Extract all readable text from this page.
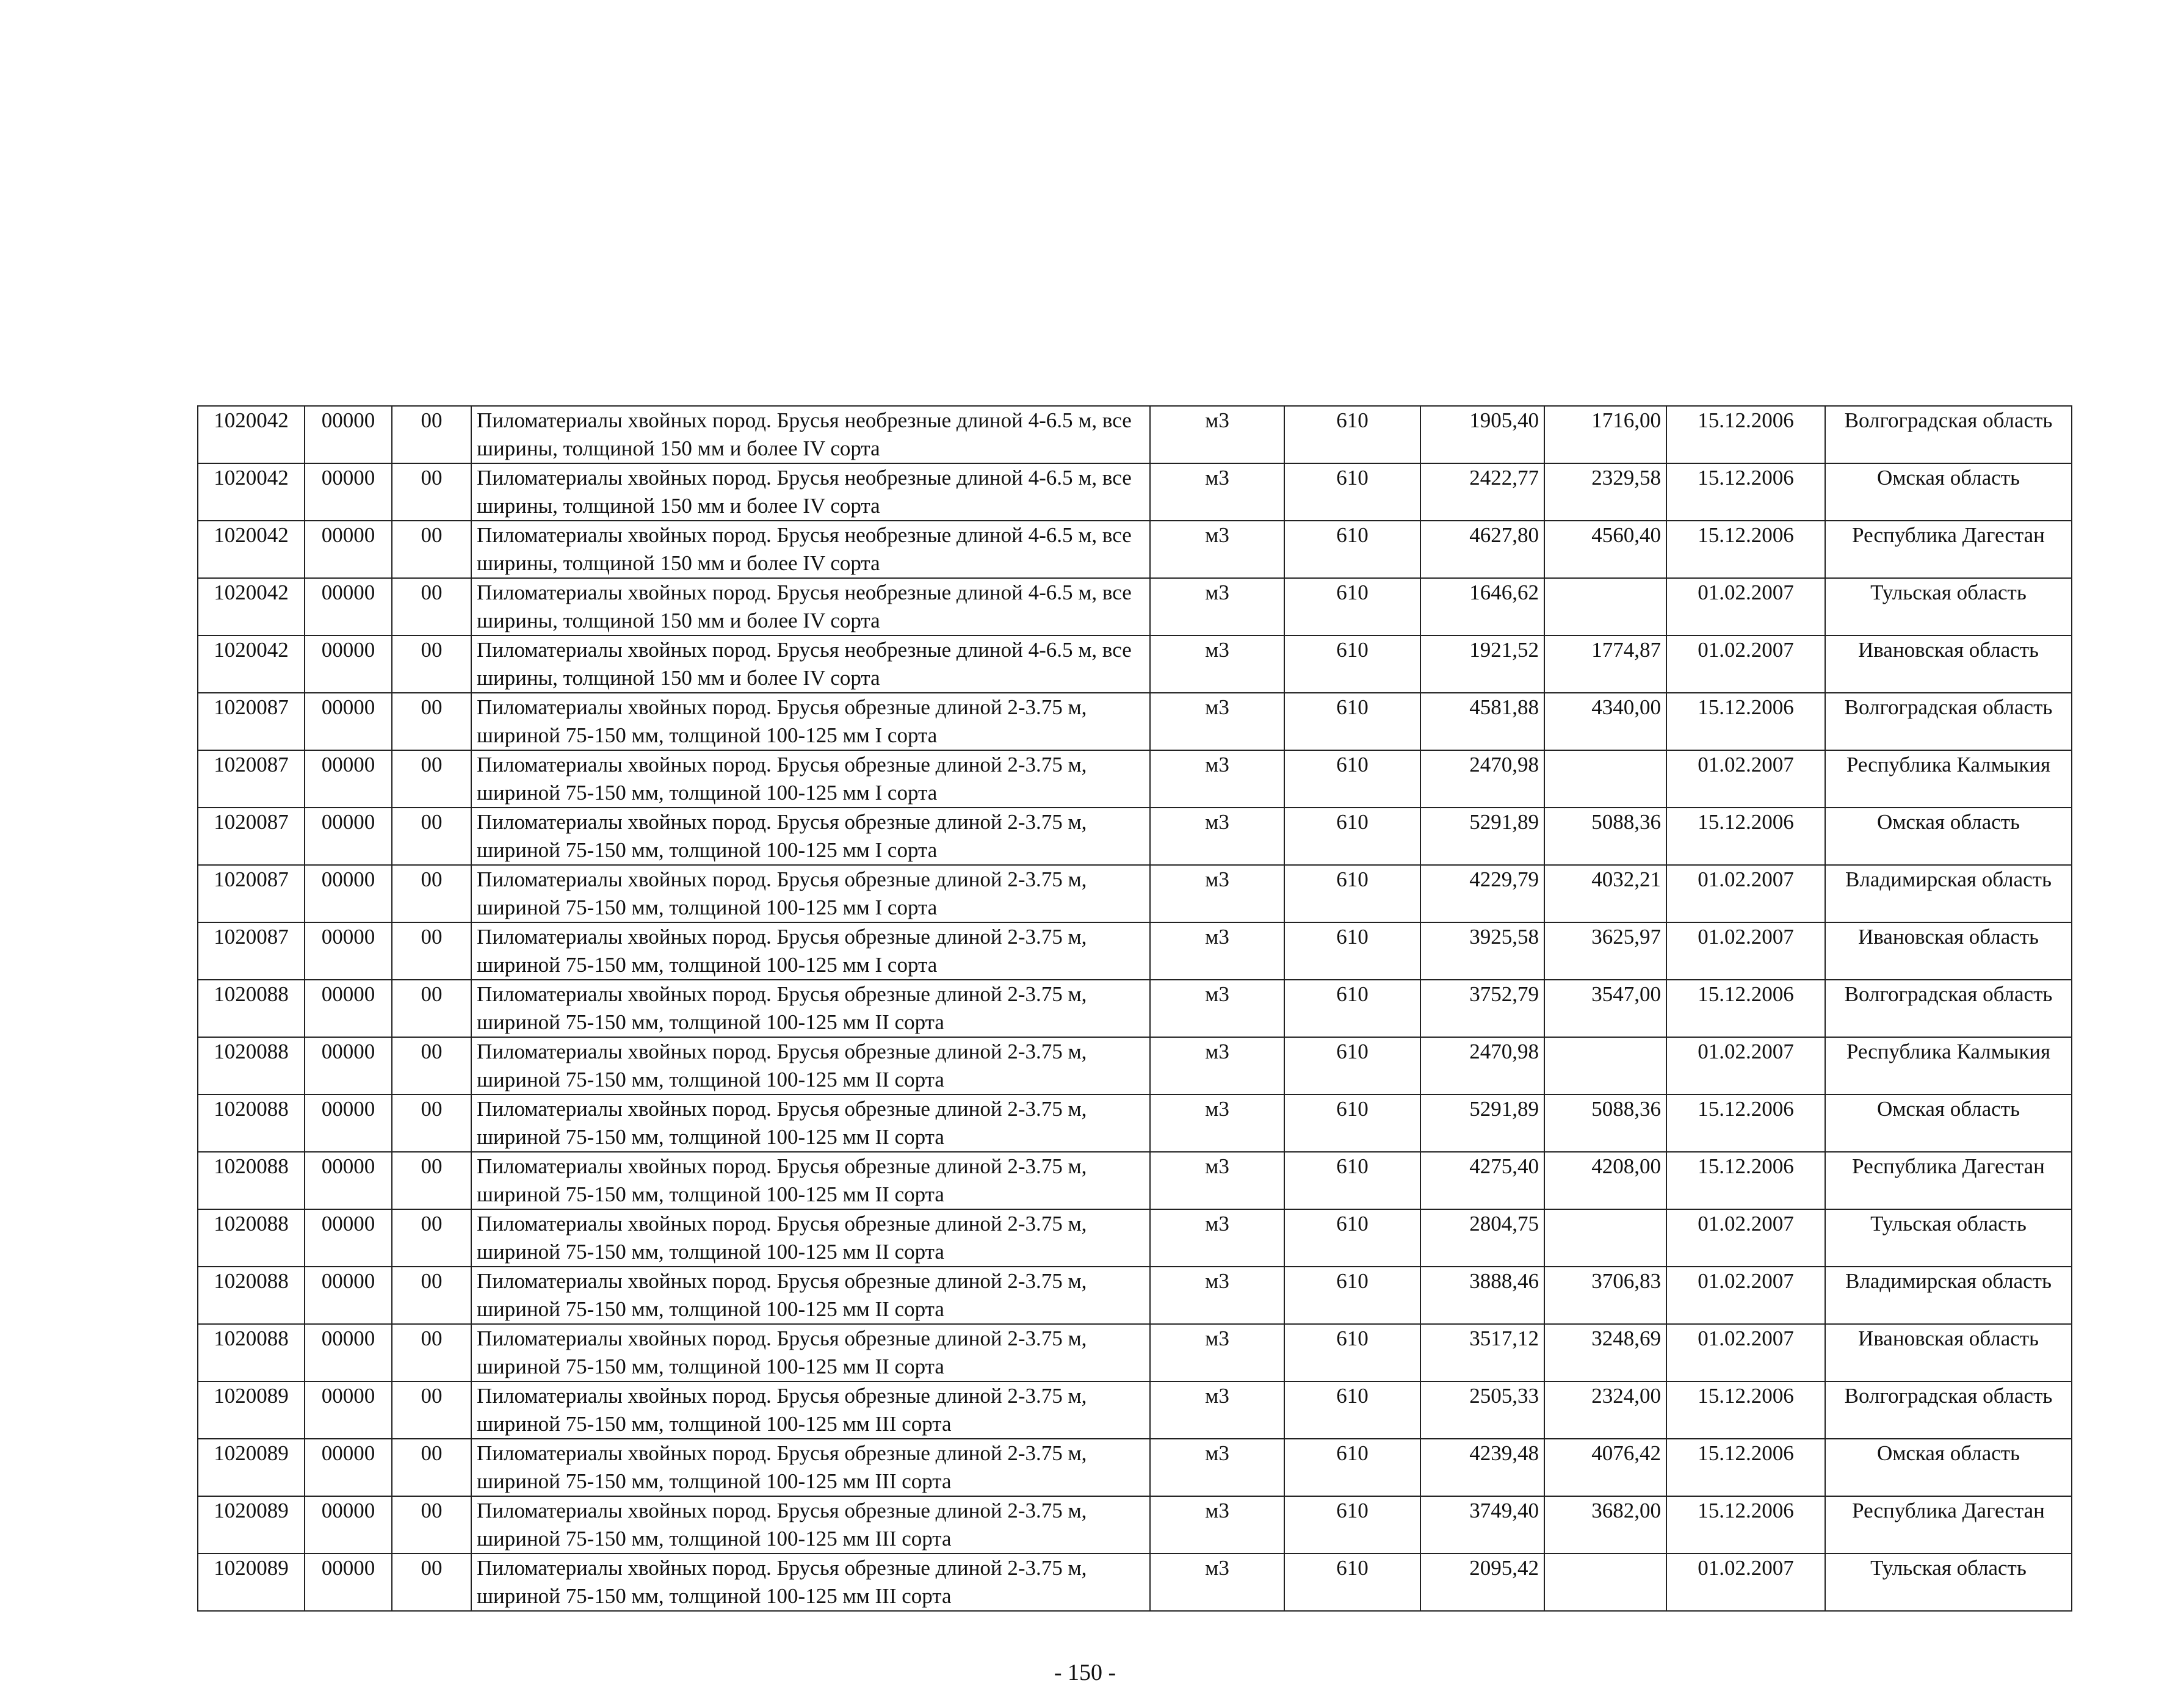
1020042	00000	00	Пиломатериалы хвойных пород. Брусья необрезные длиной 4-6.5 м, все ширины, толщиной 150 мм и более IV сорта	м3	610	1905,40	1716,00	15.12.2006	Волгоградская область
1020042	00000	00	Пиломатериалы хвойных пород. Брусья необрезные длиной 4-6.5 м, все ширины, толщиной 150 мм и более IV сорта	м3	610	2422,77	2329,58	15.12.2006	Омская область
1020042	00000	00	Пиломатериалы хвойных пород. Брусья необрезные длиной 4-6.5 м, все ширины, толщиной 150 мм и более IV сорта	м3	610	4627,80	4560,40	15.12.2006	Республика Дагестан
1020042	00000	00	Пиломатериалы хвойных пород. Брусья необрезные длиной 4-6.5 м, все ширины, толщиной 150 мм и более IV сорта	м3	610	1646,62		01.02.2007	Тульская область
1020042	00000	00	Пиломатериалы хвойных пород. Брусья необрезные длиной 4-6.5 м, все ширины, толщиной 150 мм и более IV сорта	м3	610	1921,52	1774,87	01.02.2007	Ивановская область
1020087	00000	00	Пиломатериалы хвойных пород. Брусья обрезные длиной 2-3.75 м, шириной 75-150 мм, толщиной 100-125 мм I сорта	м3	610	4581,88	4340,00	15.12.2006	Волгоградская область
1020087	00000	00	Пиломатериалы хвойных пород. Брусья обрезные длиной 2-3.75 м, шириной 75-150 мм, толщиной 100-125 мм I сорта	м3	610	2470,98		01.02.2007	Республика Калмыкия
1020087	00000	00	Пиломатериалы хвойных пород. Брусья обрезные длиной 2-3.75 м, шириной 75-150 мм, толщиной 100-125 мм I сорта	м3	610	5291,89	5088,36	15.12.2006	Омская область
1020087	00000	00	Пиломатериалы хвойных пород. Брусья обрезные длиной 2-3.75 м, шириной 75-150 мм, толщиной 100-125 мм I сорта	м3	610	4229,79	4032,21	01.02.2007	Владимирская область
1020087	00000	00	Пиломатериалы хвойных пород. Брусья обрезные длиной 2-3.75 м, шириной 75-150 мм, толщиной 100-125 мм I сорта	м3	610	3925,58	3625,97	01.02.2007	Ивановская область
1020088	00000	00	Пиломатериалы хвойных пород. Брусья обрезные длиной 2-3.75 м, шириной 75-150 мм, толщиной 100-125 мм II сорта	м3	610	3752,79	3547,00	15.12.2006	Волгоградская область
1020088	00000	00	Пиломатериалы хвойных пород. Брусья обрезные длиной 2-3.75 м, шириной 75-150 мм, толщиной 100-125 мм II сорта	м3	610	2470,98		01.02.2007	Республика Калмыкия
1020088	00000	00	Пиломатериалы хвойных пород. Брусья обрезные длиной 2-3.75 м, шириной 75-150 мм, толщиной 100-125 мм II сорта	м3	610	5291,89	5088,36	15.12.2006	Омская область
1020088	00000	00	Пиломатериалы хвойных пород. Брусья обрезные длиной 2-3.75 м, шириной 75-150 мм, толщиной 100-125 мм II сорта	м3	610	4275,40	4208,00	15.12.2006	Республика Дагестан
1020088	00000	00	Пиломатериалы хвойных пород. Брусья обрезные длиной 2-3.75 м, шириной 75-150 мм, толщиной 100-125 мм II сорта	м3	610	2804,75		01.02.2007	Тульская область
1020088	00000	00	Пиломатериалы хвойных пород. Брусья обрезные длиной 2-3.75 м, шириной 75-150 мм, толщиной 100-125 мм II сорта	м3	610	3888,46	3706,83	01.02.2007	Владимирская область
1020088	00000	00	Пиломатериалы хвойных пород. Брусья обрезные длиной 2-3.75 м, шириной 75-150 мм, толщиной 100-125 мм II сорта	м3	610	3517,12	3248,69	01.02.2007	Ивановская область
1020089	00000	00	Пиломатериалы хвойных пород. Брусья обрезные длиной 2-3.75 м, шириной 75-150 мм, толщиной 100-125 мм III сорта	м3	610	2505,33	2324,00	15.12.2006	Волгоградская область
1020089	00000	00	Пиломатериалы хвойных пород. Брусья обрезные длиной 2-3.75 м, шириной 75-150 мм, толщиной 100-125 мм III сорта	м3	610	4239,48	4076,42	15.12.2006	Омская область
1020089	00000	00	Пиломатериалы хвойных пород. Брусья обрезные длиной 2-3.75 м, шириной 75-150 мм, толщиной 100-125 мм III сорта	м3	610	3749,40	3682,00	15.12.2006	Республика Дагестан
1020089	00000	00	Пиломатериалы хвойных пород. Брусья обрезные длиной 2-3.75 м, шириной 75-150 мм, толщиной 100-125 мм III сорта	м3	610	2095,42		01.02.2007	Тульская область
- 150 -
